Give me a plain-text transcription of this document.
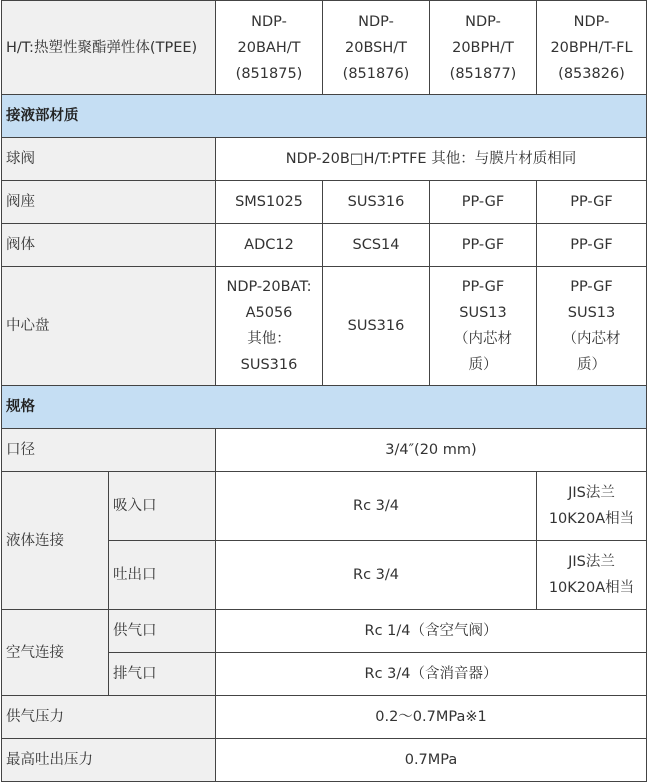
H/T:热塑性聚酯弹性体(TPEE)		NDP-
20BAH/T
(851875)	NDP-
20BSH/T
(851876)	NDP-
20BPH/T
(851877)	NDP-
20BPH/T-FL
(853826)

接液部材质					
球阀		NDP-20B□H/T:PTFE 其他：与膜片材质相同			
阀座		SMS1025	SUS316	PP-GF	PP-GF
阀体		ADC12	SCS14	PP-GF	PP-GF
中心盘		NDP-20BAT:
A5056
其他：
SUS316	SUS316	PP-GF
SUS13
（内芯材
质）	PP-GF
SUS13
（内芯材
质）

规格					
口径		3/4″(20 mm)			
液体连接	吸入口	Rc 3/4			JIS法兰
10K20A相当

	吐出口	Rc 3/4			JIS法兰
10K20A相当

空气连接	供气口	Rc 1/4（含空气阀）			
	排气口	Rc 3/4（含消音器）			
供气压力		0.2～0.7MPa※1			
最高吐出压力		0.7MPa			
